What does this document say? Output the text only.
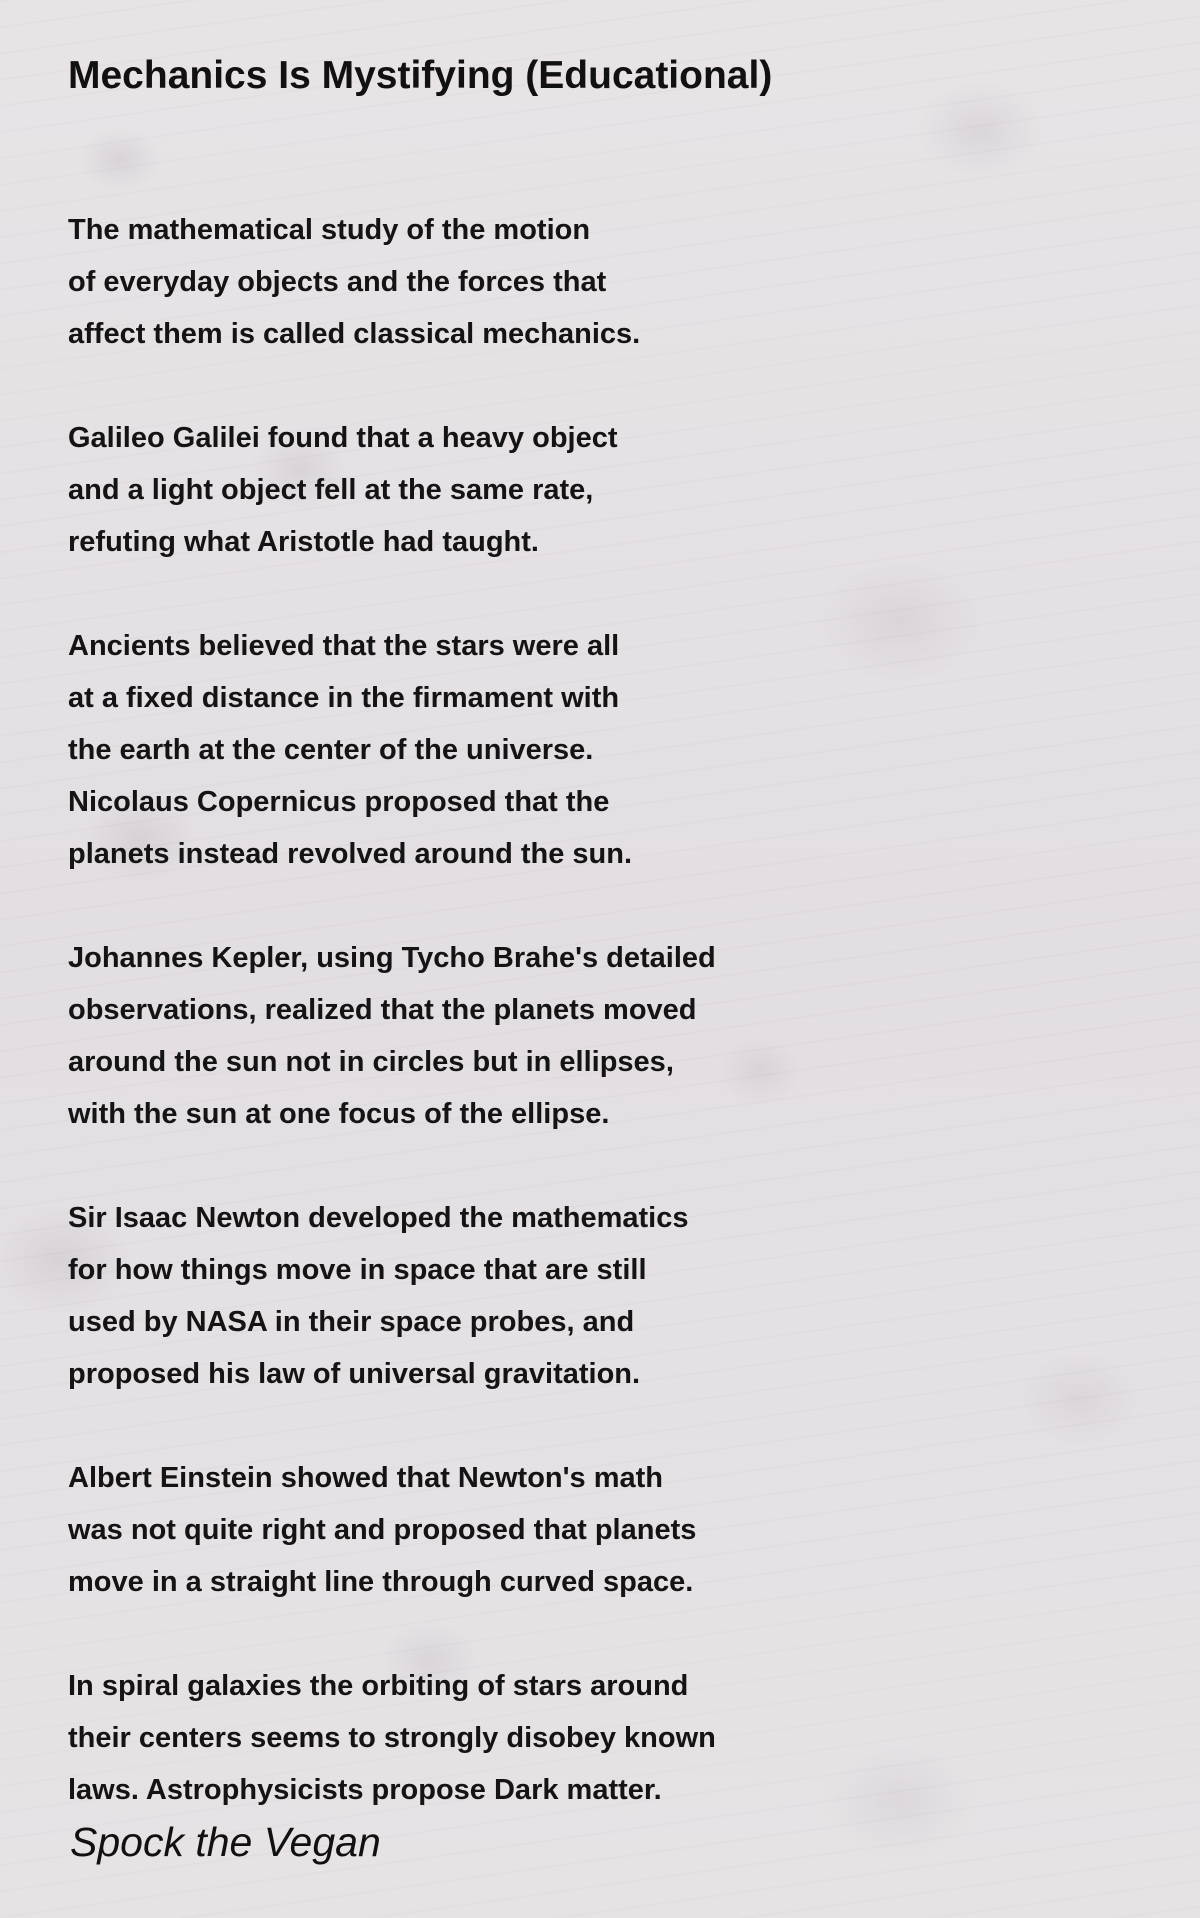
Mechanics Is Mystifying (Educational)

The mathematical study of the motion
of everyday objects and the forces that
affect them is called classical mechanics.

Galileo Galilei found that a heavy object
and a light object fell at the same rate,
refuting what Aristotle had taught.

Ancients believed that the stars were all
at a fixed distance in the firmament with
the earth at the center of the universe.
Nicolaus Copernicus proposed that the
planets instead revolved around the sun.

Johannes Kepler, using Tycho Brahe's detailed
observations, realized that the planets moved
around the sun not in circles but in ellipses,
with the sun at one focus of the ellipse.

Sir Isaac Newton developed the mathematics
for how things move in space that are still
used by NASA in their space probes, and
proposed his law of universal gravitation.

Albert Einstein showed that Newton's math
was not quite right and proposed that planets
move in a straight line through curved space.

In spiral galaxies the orbiting of stars around
their centers seems to strongly disobey known
laws. Astrophysicists propose Dark matter.

Spock the Vegan
